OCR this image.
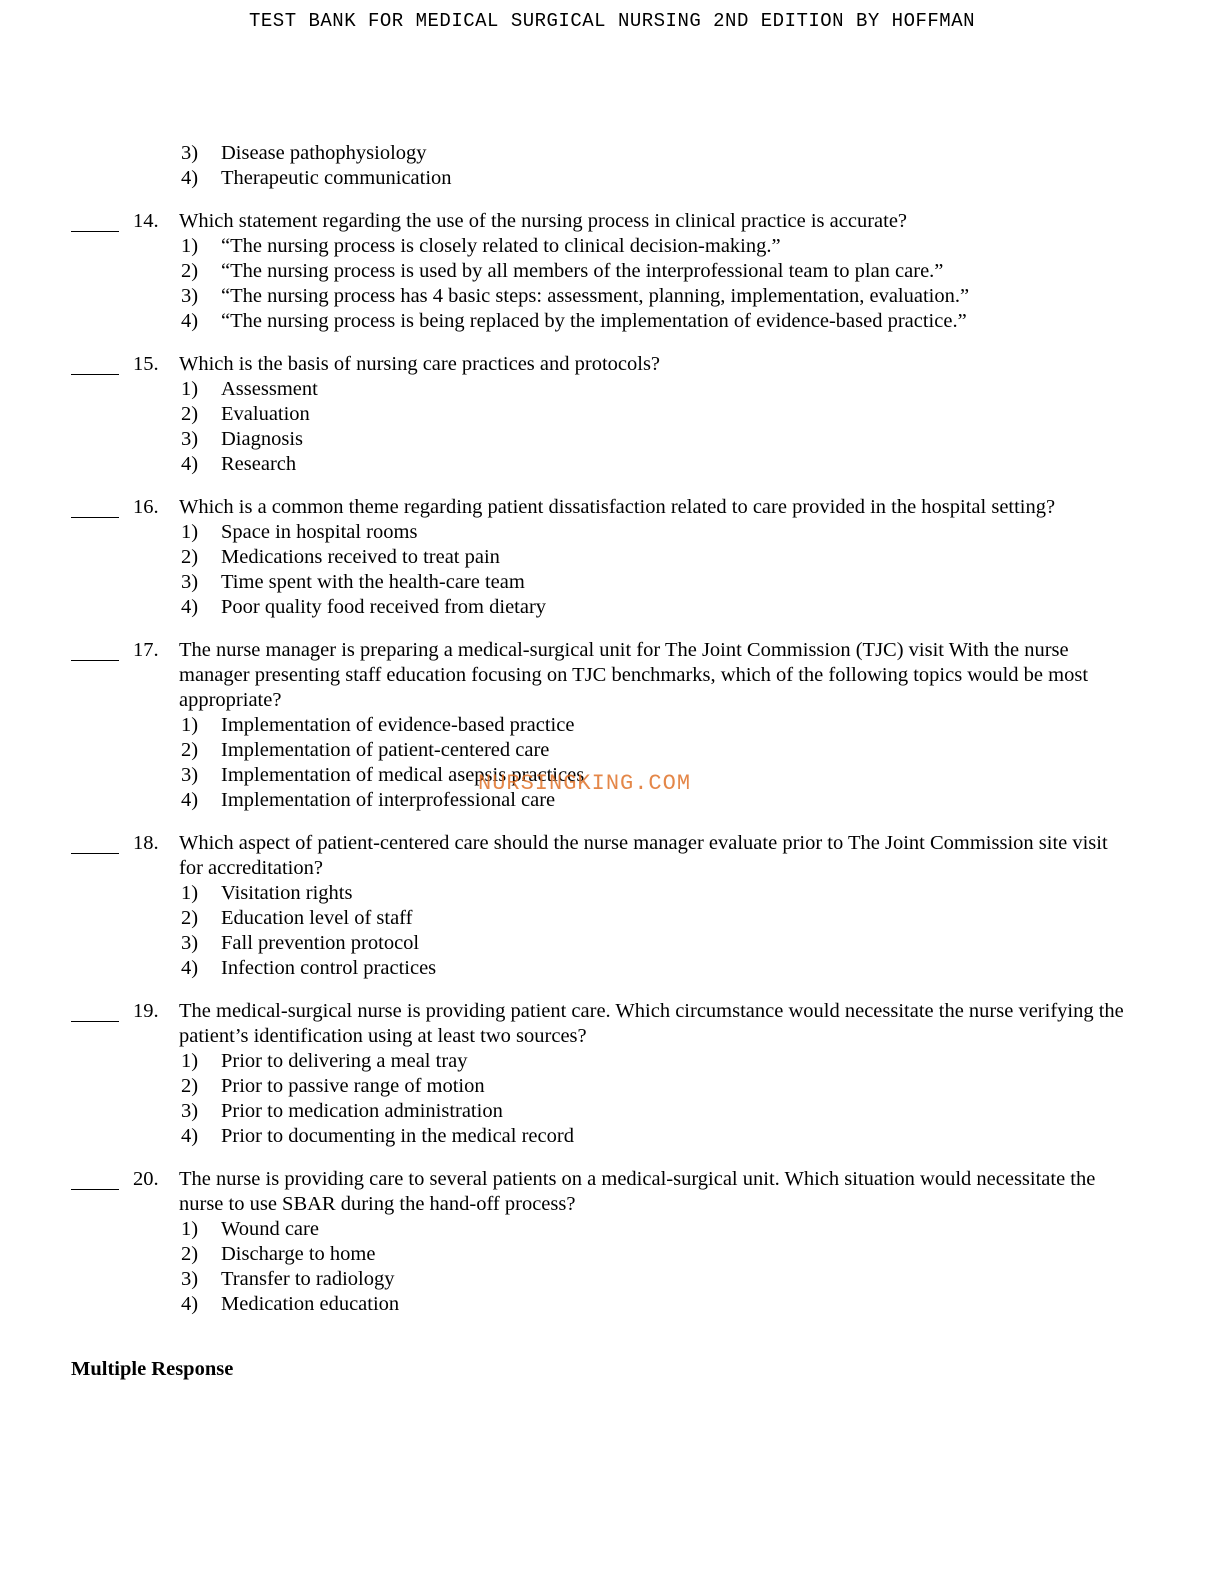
TEST BANK FOR MEDICAL SURGICAL NURSING 2ND EDITION BY HOFFMAN
3) Disease pathophysiology
4) Therapeutic communication
14. Which statement regarding the use of the nursing process in clinical practice is accurate?
1) “The nursing process is closely related to clinical decision-making.”
2) “The nursing process is used by all members of the interprofessional team to plan care.”
3) “The nursing process has 4 basic steps: assessment, planning, implementation, evaluation.”
4) “The nursing process is being replaced by the implementation of evidence-based practice.”
15. Which is the basis of nursing care practices and protocols?
1) Assessment
2) Evaluation
3) Diagnosis
4) Research
16. Which is a common theme regarding patient dissatisfaction related to care provided in the hospital setting?
1) Space in hospital rooms
2) Medications received to treat pain
3) Time spent with the health-care team
4) Poor quality food received from dietary
17. The nurse manager is preparing a medical-surgical unit for The Joint Commission (TJC) visit With the nurse manager presenting staff education focusing on TJC benchmarks, which of the following topics would be most appropriate?
1) Implementation of evidence-based practice
2) Implementation of patient-centered care
3) Implementation of medical asepsis practices
4) Implementation of interprofessional care
18. Which aspect of patient-centered care should the nurse manager evaluate prior to The Joint Commission site visit for accreditation?
1) Visitation rights
2) Education level of staff
3) Fall prevention protocol
4) Infection control practices
19. The medical-surgical nurse is providing patient care. Which circumstance would necessitate the nurse verifying the patient’s identification using at least two sources?
1) Prior to delivering a meal tray
2) Prior to passive range of motion
3) Prior to medication administration
4) Prior to documenting in the medical record
20. The nurse is providing care to several patients on a medical-surgical unit. Which situation would necessitate the nurse to use SBAR during the hand-off process?
1) Wound care
2) Discharge to home
3) Transfer to radiology
4) Medication education
Multiple Response
NURSINGKING.COM
